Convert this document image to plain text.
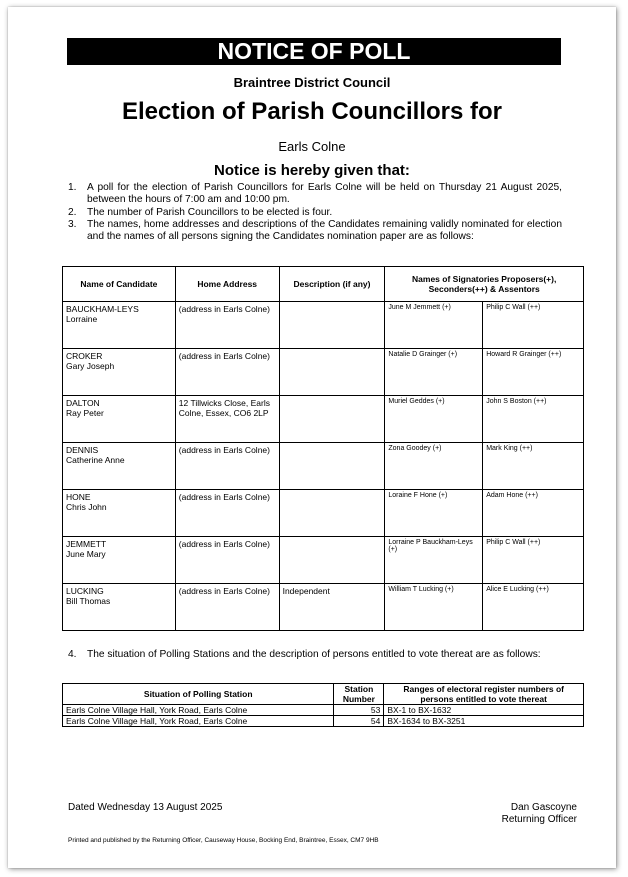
NOTICE OF POLL
Braintree District Council
Election of Parish Councillors for
Earls Colne
Notice is hereby given that:
1. A poll for the election of Parish Councillors for Earls Colne will be held on Thursday 21 August 2025, between the hours of 7:00 am and 10:00 pm.
2. The number of Parish Councillors to be elected is four.
3. The names, home addresses and descriptions of the Candidates remaining validly nominated for election and the names of all persons signing the Candidates nomination paper are as follows:
Name of Candidate	Home Address	Description (if any)	Names of Signatories Proposers(+), Seconders(++) & Assentors	
BAUCKHAM-LEYS
Lorraine	(address in Earls Colne)		June M Jemmett (+)	Philip C Wall (++)
CROKER
Gary Joseph	(address in Earls Colne)		Natalie D Grainger (+)	Howard R Grainger (++)
DALTON
Ray Peter	12 Tillwicks Close, Earls Colne, Essex, CO6 2LP		Muriel Geddes (+)	John S Boston (++)
DENNIS
Catherine Anne	(address in Earls Colne)		Zona Goodey (+)	Mark King (++)
HONE
Chris John	(address in Earls Colne)		Loraine F Hone (+)	Adam Hone (++)
JEMMETT
June Mary	(address in Earls Colne)		Lorraine P Bauckham-Leys (+)	Philip C Wall (++)
LUCKING
Bill Thomas	(address in Earls Colne)	Independent	William T Lucking (+)	Alice E Lucking (++)
4. The situation of Polling Stations and the description of persons entitled to vote thereat are as follows:
Situation of Polling Station	Station Number	Ranges of electoral register numbers of persons entitled to vote thereat
Earls Colne Village Hall, York Road, Earls Colne	53	BX-1 to BX-1632
Earls Colne Village Hall, York Road, Earls Colne	54	BX-1634 to BX-3251
Dated Wednesday 13 August 2025	Dan Gascoyne
Returning Officer
Printed and published by the Returning Officer, Causeway House, Bocking End, Braintree, Essex, CM7 9HB
